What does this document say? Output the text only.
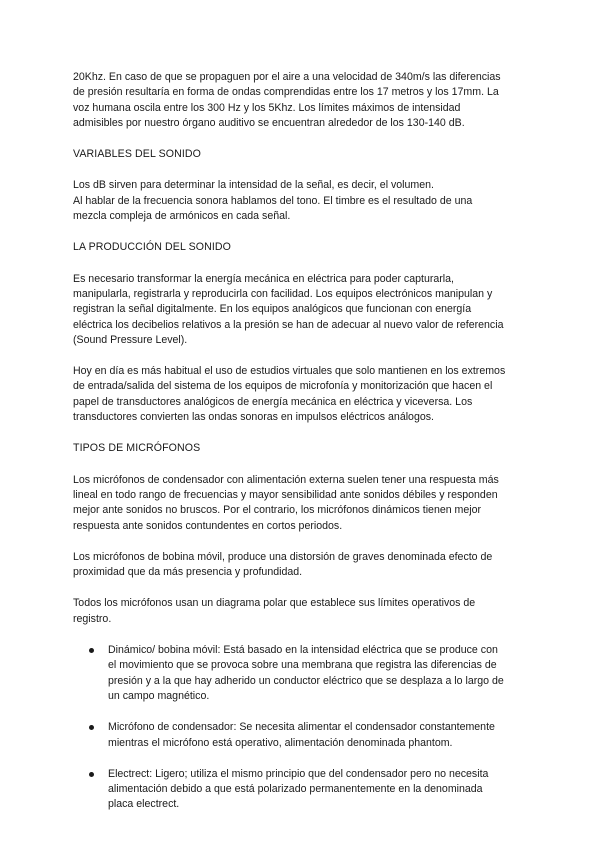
20Khz. En caso de que se propaguen por el aire a una velocidad de 340m/s las diferencias
de presión resultaría en forma de ondas comprendidas entre los 17 metros y los 17mm. La
voz humana oscila entre los 300 Hz y los 5Khz. Los límites máximos de intensidad
admisibles por nuestro órgano auditivo se encuentran alrededor de los 130-140 dB.

VARIABLES DEL SONIDO

Los dB sirven para determinar la intensidad de la señal, es decir, el volumen.
Al hablar de la frecuencia sonora hablamos del tono. El timbre es el resultado de una
mezcla compleja de armónicos en cada señal.

LA PRODUCCIÓN DEL SONIDO

Es necesario transformar la energía mecánica en eléctrica para poder capturarla,
manipularla, registrarla y reproducirla con facilidad. Los equipos electrónicos manipulan y
registran la señal digitalmente. En los equipos analógicos que funcionan con energía
eléctrica los decibelios relativos a la presión se han de adecuar al nuevo valor de referencia
(Sound Pressure Level).

Hoy en día es más habitual el uso de estudios virtuales que solo mantienen en los extremos
de entrada/salida del sistema de los equipos de microfonía y monitorización que hacen el
papel de transductores analógicos de energía mecánica en eléctrica y viceversa. Los
transductores convierten las ondas sonoras en impulsos eléctricos análogos.

TIPOS DE MICRÓFONOS

Los micrófonos de condensador con alimentación externa suelen tener una respuesta más
lineal en todo rango de frecuencias y mayor sensibilidad ante sonidos débiles y responden
mejor ante sonidos no bruscos. Por el contrario, los micrófonos dinámicos tienen mejor
respuesta ante sonidos contundentes en cortos periodos.

Los micrófonos de bobina móvil, produce una distorsión de graves denominada efecto de
proximidad que da más presencia y profundidad.

Todos los micrófonos usan un diagrama polar que establece sus límites operativos de
registro.

Dinámico/ bobina móvil: Está basado en la intensidad eléctrica que se produce con
el movimiento que se provoca sobre una membrana que registra las diferencias de
presión y a la que hay adherido un conductor eléctrico que se desplaza a lo largo de
un campo magnético.
Micrófono de condensador: Se necesita alimentar el condensador constantemente
mientras el micrófono está operativo, alimentación denominada phantom.
Electrect: Ligero; utiliza el mismo principio que del condensador pero no necesita
alimentación debido a que está polarizado permanentemente en la denominada
placa electrect.
